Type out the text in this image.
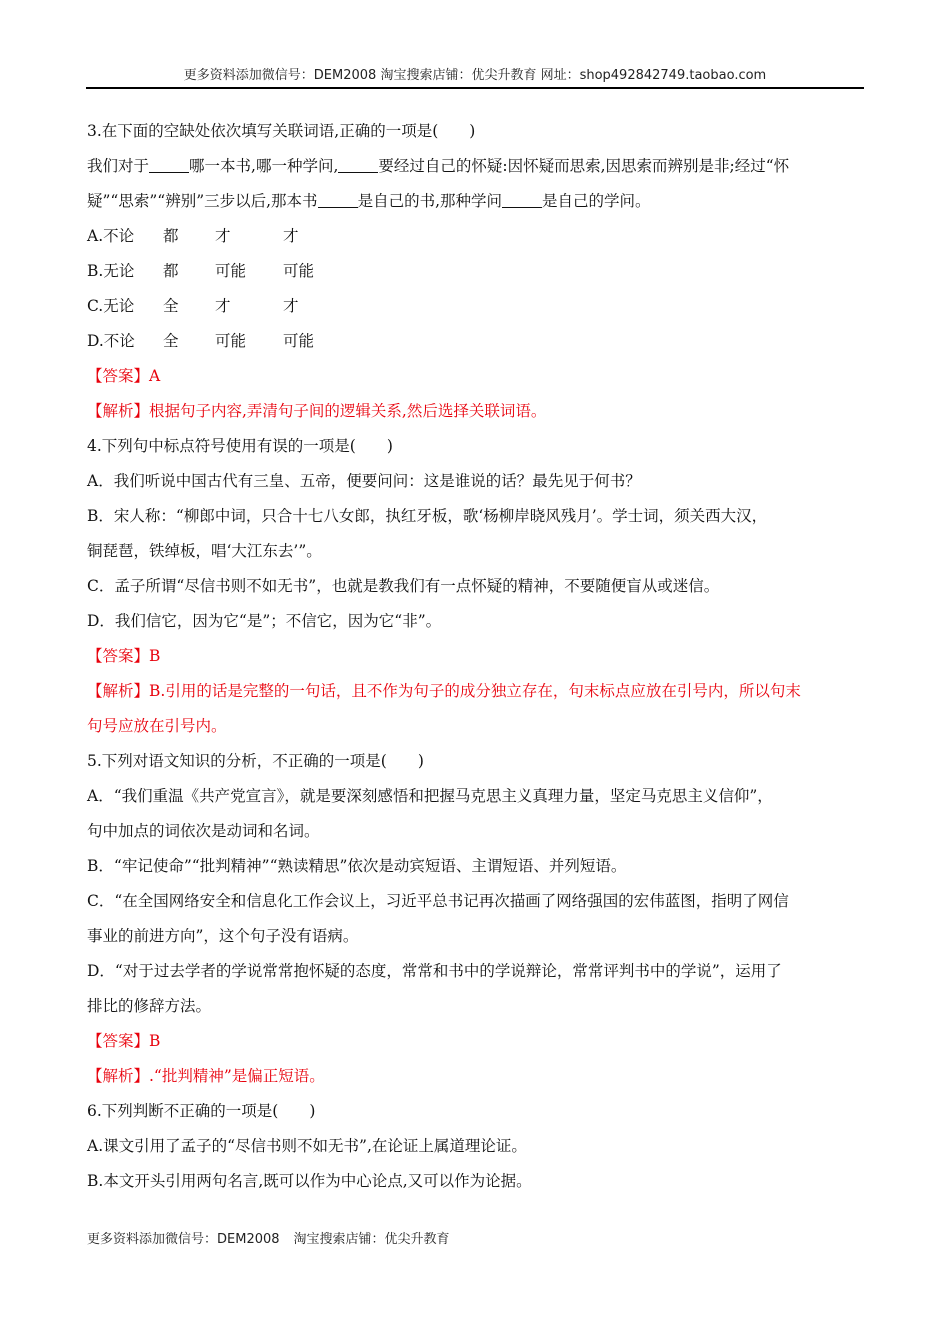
更多资料添加微信号：DEM2008 淘宝搜索店铺：优尖升教育 网址：shop492842749.taobao.com
3.在下面的空缺处依次填写关联词语,正确的一项是(　　)
我们对于	哪一本书,哪一种学问,	要经过自己的怀疑:因怀疑而思索,因思索而辨别是非;经过“怀
疑”“思索”“辨别”三步以后,那本书	是自己的书,那种学问	是自己的学问。
A.不论 都 才	才
B.无论 都 可能 可能
C.无论 全 才	才
D.不论 全 可能 可能
【答案】A
【解析】根据句子内容,弄清句子间的逻辑关系,然后选择关联词语。
4.下列句中标点符号使用有误的一项是(　　)
A．我们听说中国古代有三皇、五帝，便要问问：这是谁说的话？最先见于何书？
B．宋人称：“柳郎中词，只合十七八女郎，执红牙板，歌‘杨柳岸晓风残月’。学士词，须关西大汉，
铜琵琶，铁绰板，唱‘大江东去’”。
C．孟子所谓“尽信书则不如无书”，也就是教我们有一点怀疑的精神，不要随便盲从或迷信。
D．我们信它，因为它“是”；不信它，因为它“非”。
【答案】B
【解析】B.引用的话是完整的一句话，且不作为句子的成分独立存在，句末标点应放在引号内，所以句末
句号应放在引号内。
5.下列对语文知识的分析，不正确的一项是(　　)
A．“我们重温《共产党宣言》，就是要深刻感悟和把握马克思主义真理力量，坚定马克思主义信仰”，
句中加点的词依次是动词和名词。
B．“牢记使命”“批判精神”“熟读精思”依次是动宾短语、主谓短语、并列短语。
C．“在全国网络安全和信息化工作会议上，习近平总书记再次描画了网络强国的宏伟蓝图，指明了网信
事业的前进方向”，这个句子没有语病。
D．“对于过去学者的学说常常抱怀疑的态度，常常和书中的学说辩论，常常评判书中的学说”，运用了
排比的修辞方法。
【答案】B
【解析】.“批判精神”是偏正短语。
6.下列判断不正确的一项是(　　)
A.课文引用了孟子的“尽信书则不如无书”,在论证上属道理论证。
B.本文开头引用两句名言,既可以作为中心论点,又可以作为论据。
更多资料添加微信号：DEM2008 淘宝搜索店铺：优尖升教育
